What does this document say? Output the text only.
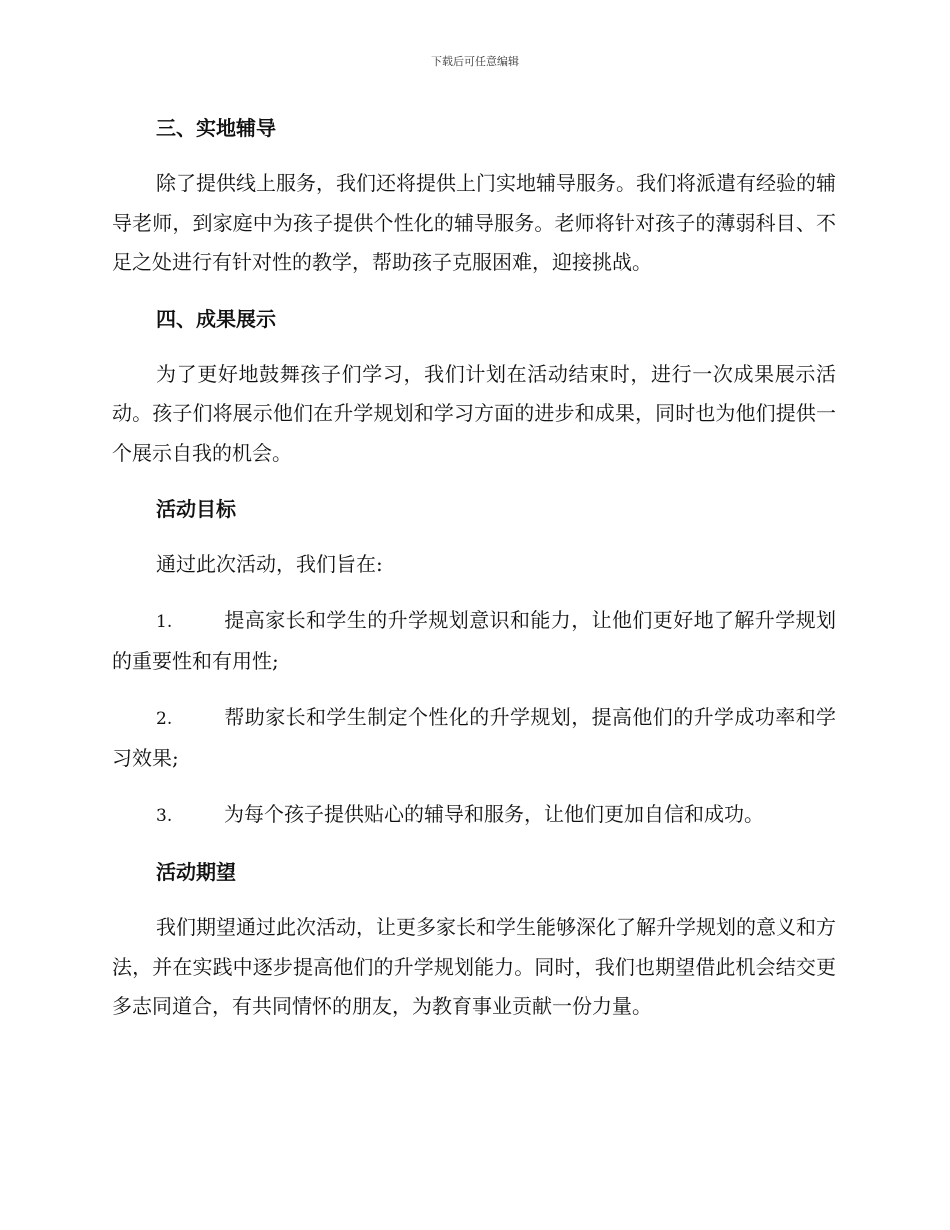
下载后可任意编辑
三、实地辅导
除了提供线上服务，我们还将提供上门实地辅导服务。我们将派遣有经验的辅导老师，到家庭中为孩子提供个性化的辅导服务。老师将针对孩子的薄弱科目、不足之处进行有针对性的教学，帮助孩子克服困难，迎接挑战。
四、成果展示
为了更好地鼓舞孩子们学习，我们计划在活动结束时，进行一次成果展示活动。孩子们将展示他们在升学规划和学习方面的进步和成果，同时也为他们提供一个展示自我的机会。
活动目标
通过此次活动，我们旨在:
1.	提高家长和学生的升学规划意识和能力，让他们更好地了解升学规划的重要性和有用性;
2.	帮助家长和学生制定个性化的升学规划，提高他们的升学成功率和学习效果;
3.	为每个孩子提供贴心的辅导和服务，让他们更加自信和成功。
活动期望
我们期望通过此次活动，让更多家长和学生能够深化了解升学规划的意义和方法，并在实践中逐步提高他们的升学规划能力。同时，我们也期望借此机会结交更多志同道合，有共同情怀的朋友，为教育事业贡献一份力量。
